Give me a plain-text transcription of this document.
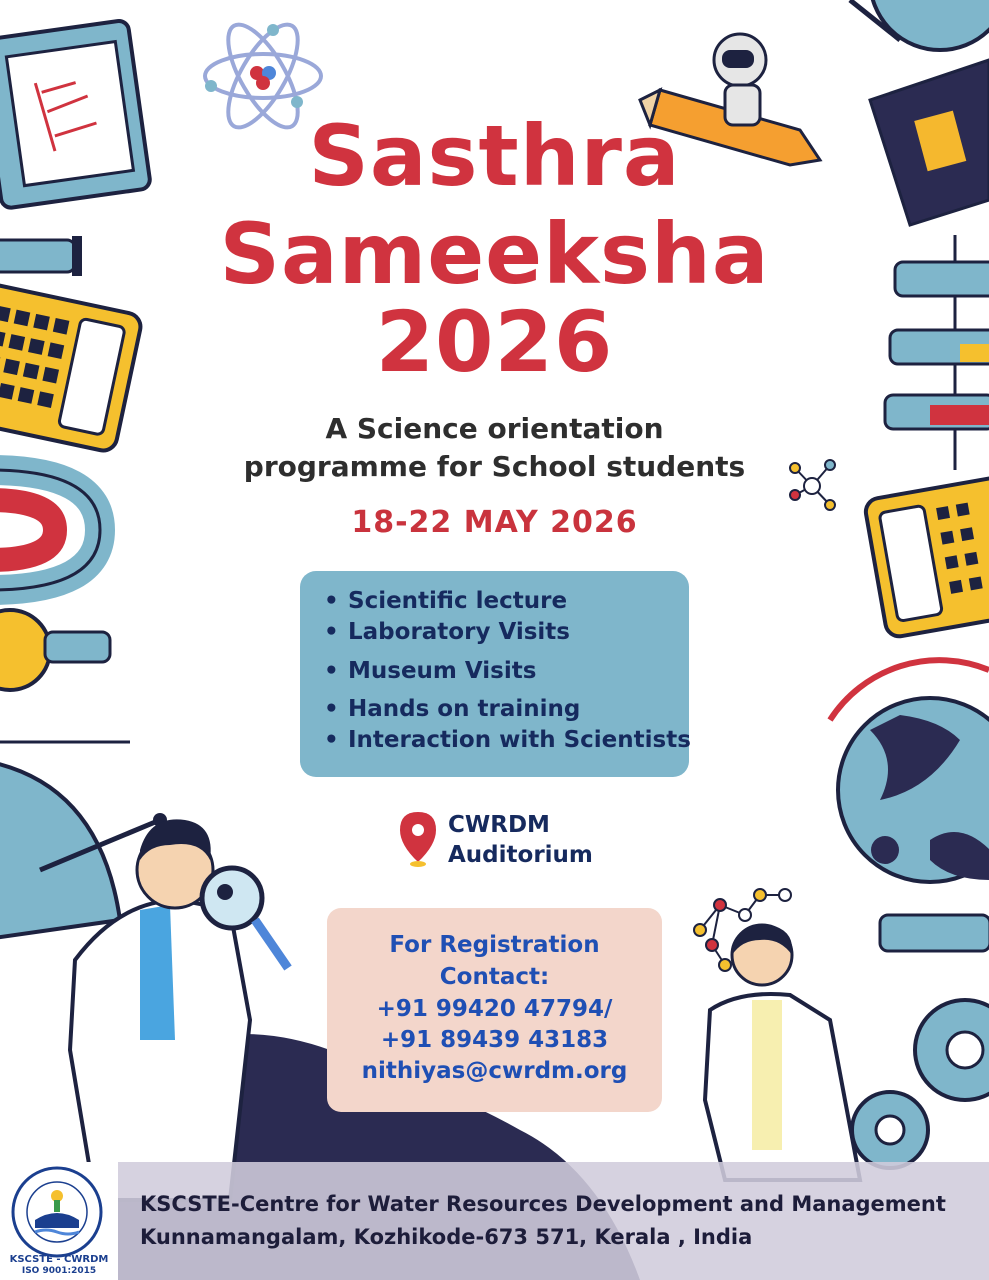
Sasthra
Sameeksha
2026
A Science orientation
programme for School students
18-22 MAY 2026
• Scientific lecture
• Laboratory Visits
• Museum Visits
• Hands on training
• Interaction with Scientists
CWRDM
Auditorium
For Registration
Contact:
+91 99420 47794/
+91 89439 43183
nithiyas@cwrdm.org
KSCSTE-Centre for Water Resources Development and Management
Kunnamangalam, Kozhikode-673 571, Kerala , India
KSCSTE - CWRDM
ISO 9001:2015
